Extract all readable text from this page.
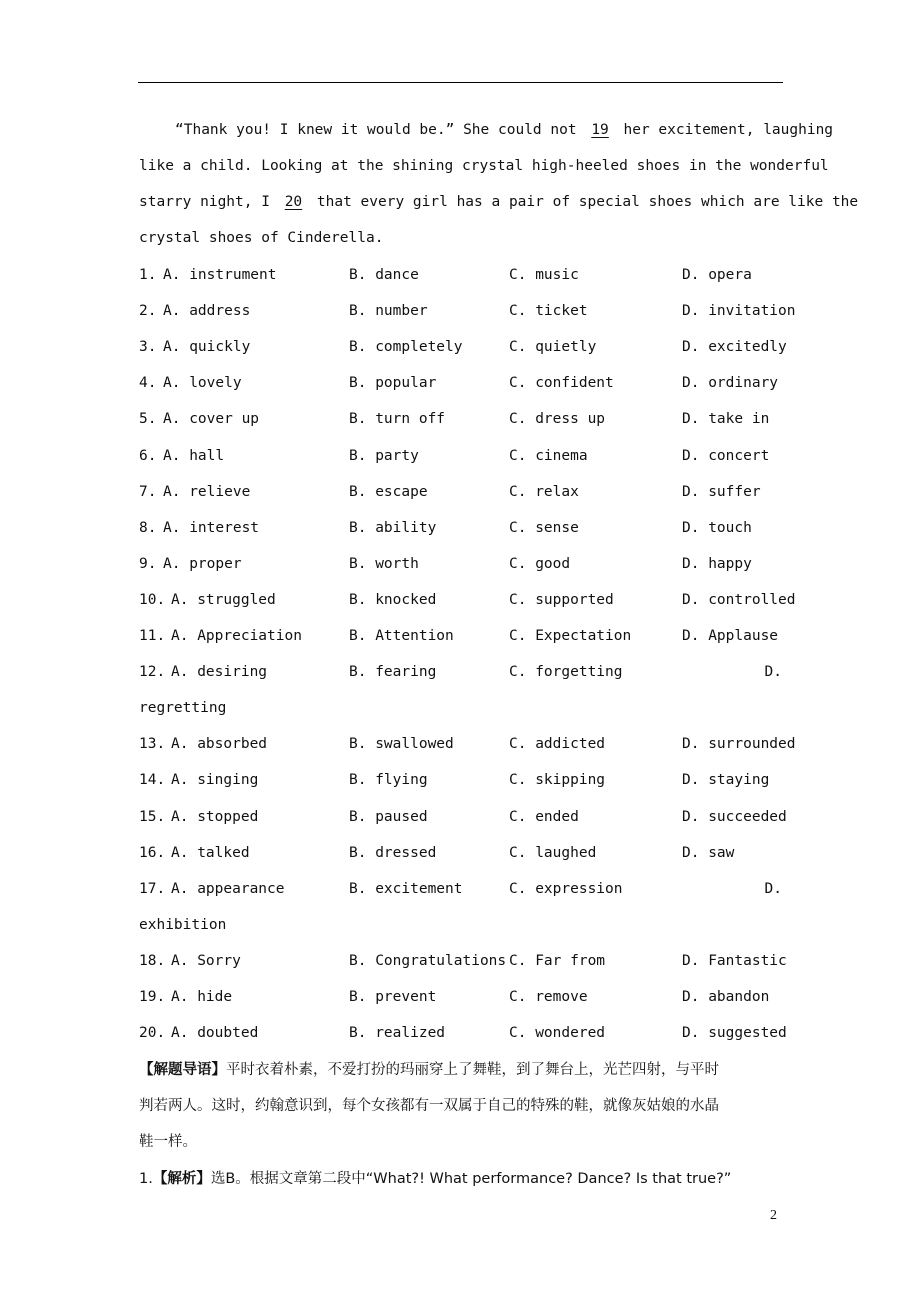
“Thank you! I knew it would be.” She could not 19 her excitement, laughing
like a child. Looking at the shining crystal high-heeled shoes in the wonderful
starry night, I 20 that every girl has a pair of special shoes which are like the
crystal shoes of Cinderella.
1. A. instrument	B. dance	C. music	D. opera
2. A. address	B. number	C. ticket	D. invitation
3. A. quickly	B. completely	C. quietly	D. excitedly
4. A. lovely	B. popular	C. confident	D. ordinary
5. A. cover up	B. turn off	C. dress up	D. take in
6. A. hall	B. party	C. cinema	D. concert
7. A. relieve	B. escape	C. relax	D. suffer
8. A. interest	B. ability	C. sense	D. touch
9. A. proper	B. worth	C. good	D. happy
10. A. struggled	B. knocked	C. supported	D. controlled
11. A. Appreciation	B. Attention	C. Expectation	D. Applause
12. A. desiring	B. fearing	C. forgetting	D.
regretting
13. A. absorbed	B. swallowed	C. addicted	D. surrounded
14. A. singing	B. flying	C. skipping	D. staying
15. A. stopped	B. paused	C. ended	D. succeeded
16. A. talked	B. dressed	C. laughed	D. saw
17. A. appearance	B. excitement	C. expression	D.
exhibition
18. A. Sorry	B. Congratulations C. Far from	D. Fantastic
19. A. hide	B. prevent	C. remove	D. abandon
20. A. doubted	B. realized	C. wondered	D. suggested
【解题导语】平时衣着朴素，不爱打扮的玛丽穿上了舞鞋，到了舞台上，光芒四射，与平时
判若两人。这时，约翰意识到，每个女孩都有一双属于自己的特殊的鞋，就像灰姑娘的水晶
鞋一样。
1.【解析】选B。根据文章第二段中“What?! What performance? Dance? Is that true?”
2
